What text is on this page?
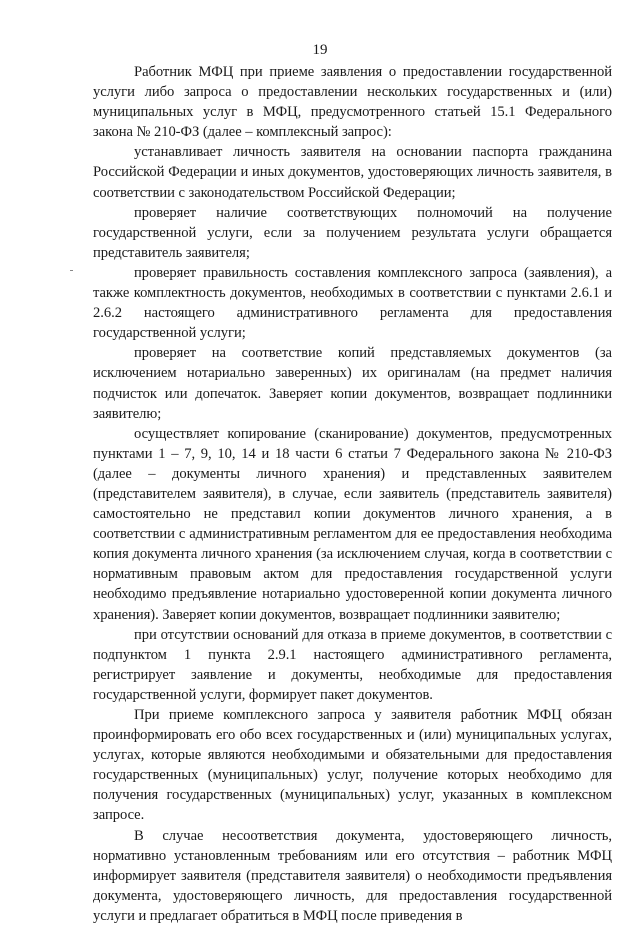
19

Работник МФЦ при приеме заявления о предоставлении государственной услуги либо запроса о предоставлении нескольких государственных и (или) муниципальных услуг в МФЦ, предусмотренного статьей 15.1 Федерального закона № 210-ФЗ (далее – комплексный запрос):

устанавливает личность заявителя на основании паспорта гражданина Российской Федерации и иных документов, удостоверяющих личность заявителя, в соответствии с законодательством Российской Федерации;

проверяет наличие соответствующих полномочий на получение государственной услуги, если за получением результата услуги обращается представитель заявителя;

проверяет правильность составления комплексного запроса (заявления), а также комплектность документов, необходимых в соответствии с пунктами 2.6.1 и 2.6.2 настоящего административного регламента для предоставления государственной услуги;

проверяет на соответствие копий представляемых документов (за исключением нотариально заверенных) их оригиналам (на предмет наличия подчисток или допечаток. Заверяет копии документов, возвращает подлинники заявителю;

осуществляет копирование (сканирование) документов, предусмотренных пунктами 1 – 7, 9, 10, 14 и 18 части 6 статьи 7 Федерального закона № 210-ФЗ (далее – документы личного хранения) и представленных заявителем (представителем заявителя), в случае, если заявитель (представитель заявителя) самостоятельно не представил копии документов личного хранения, а в соответствии с административным регламентом для ее предоставления необходима копия документа личного хранения (за исключением случая, когда в соответствии с нормативным правовым актом для предоставления государственной услуги необходимо предъявление нотариально удостоверенной копии документа личного хранения). Заверяет копии документов, возвращает подлинники заявителю;

при отсутствии оснований для отказа в приеме документов, в соответствии с подпунктом 1 пункта 2.9.1 настоящего административного регламента, регистрирует заявление и документы, необходимые для предоставления государственной услуги, формирует пакет документов.

При приеме комплексного запроса у заявителя работник МФЦ обязан проинформировать его обо всех государственных и (или) муниципальных услугах, услугах, которые являются необходимыми и обязательными для предоставления государственных (муниципальных) услуг, получение которых необходимо для получения государственных (муниципальных) услуг, указанных в комплексном запросе.

В случае несоответствия документа, удостоверяющего личность, нормативно установленным требованиям или его отсутствия – работник МФЦ информирует заявителя (представителя заявителя) о необходимости предъявления документа, удостоверяющего личность, для предоставления государственной услуги и предлагает обратиться в МФЦ после приведения в
